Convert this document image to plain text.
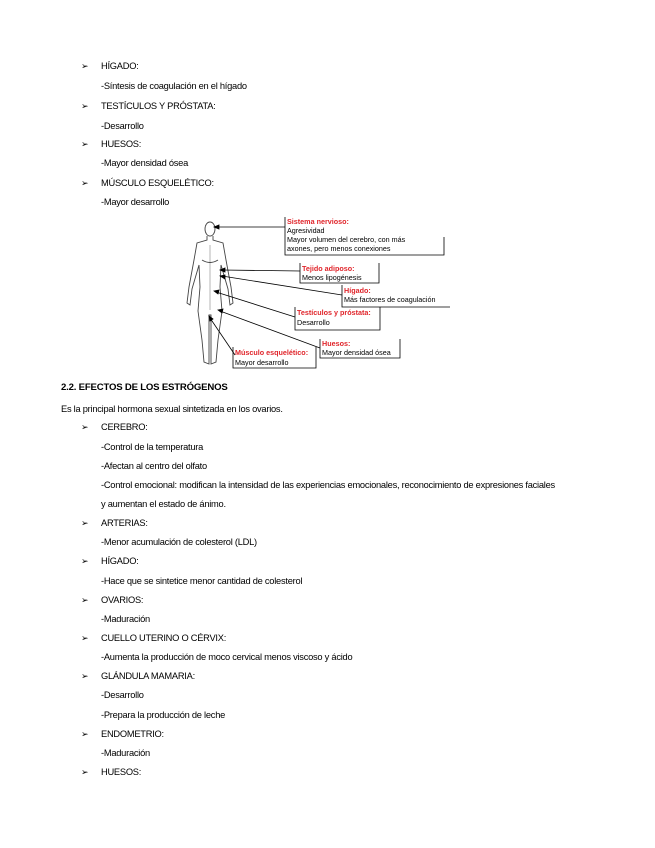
➢ HÍGADO:
-Síntesis de coagulación en el hígado
➢ TESTÍCULOS Y PRÓSTATA:
-Desarrollo
➢ HUESOS:
-Mayor densidad ósea
➢ MÚSCULO ESQUELÉTICO:
-Mayor desarrollo
Sistema nervioso:
Agresividad
Mayor volumen del cerebro, con más
axones, pero menos conexiones
Tejido adiposo:
Menos lipogénesis
Hígado:
Más factores de coagulación
Testículos y próstata:
Desarrollo
Huesos:
Mayor densidad ósea
Músculo esquelético:
Mayor desarrollo
2.2. EFECTOS DE LOS ESTRÓGENOS
Es la principal hormona sexual sintetizada en los ovarios.
➢ CEREBRO:
-Control de la temperatura
-Afectan al centro del olfato
-Control emocional: modifican la intensidad de las experiencias emocionales, reconocimiento de expresiones faciales
y aumentan el estado de ánimo.
➢ ARTERIAS:
-Menor acumulación de colesterol (LDL)
➢ HÍGADO:
-Hace que se sintetice menor cantidad de colesterol
➢ OVARIOS:
-Maduración
➢ CUELLO UTERINO O CÉRVIX:
-Aumenta la producción de moco cervical menos viscoso y ácido
➢ GLÁNDULA MAMARIA:
-Desarrollo
-Prepara la producción de leche
➢ ENDOMETRIO:
-Maduración
➢ HUESOS:
